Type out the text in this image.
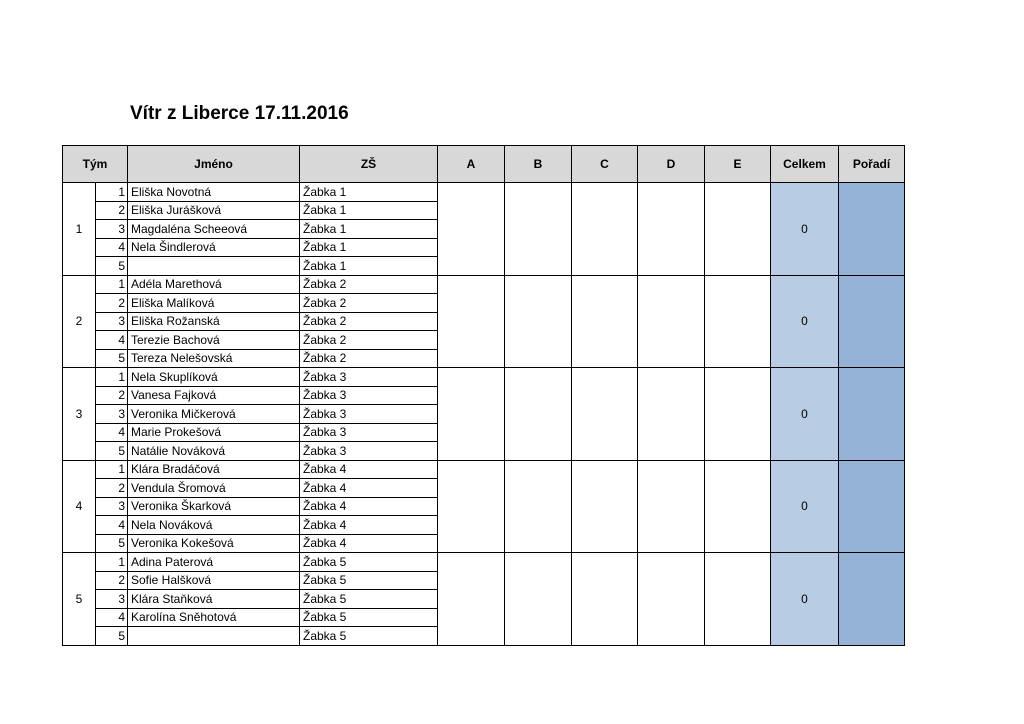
Vítr z Liberce 17.11.2016
Tým		Jméno	ZŠ	A	B	C	D	E	Celkem	Pořadí
1	1	Eliška Novotná	Žabka 1						0	
	2	Eliška Jurášková	Žabka 1							
	3	Magdaléna Scheeová	Žabka 1							
	4	Nela Šindlerová	Žabka 1							
	5		Žabka 1							
2	1	Adéla Marethová	Žabka 2						0	
	2	Eliška Malíková	Žabka 2							
	3	Eliška Rožanská	Žabka 2							
	4	Terezie Bachová	Žabka 2							
	5	Tereza Nelešovská	Žabka 2							
3	1	Nela Skuplíková	Žabka 3						0	
	2	Vanesa Fajková	Žabka 3							
	3	Veronika Mičkerová	Žabka 3							
	4	Marie Prokešová	Žabka 3							
	5	Natálie Nováková	Žabka 3							
4	1	Klára Bradáčová	Žabka 4						0	
	2	Vendula Šromová	Žabka 4							
	3	Veronika Škarková	Žabka 4							
	4	Nela Nováková	Žabka 4							
	5	Veronika Kokešová	Žabka 4							
5	1	Adina Paterová	Žabka 5						0	
	2	Sofie Halšková	Žabka 5							
	3	Klára Staňková	Žabka 5							
	4	Karolína Sněhotová	Žabka 5							
	5		Žabka 5							
